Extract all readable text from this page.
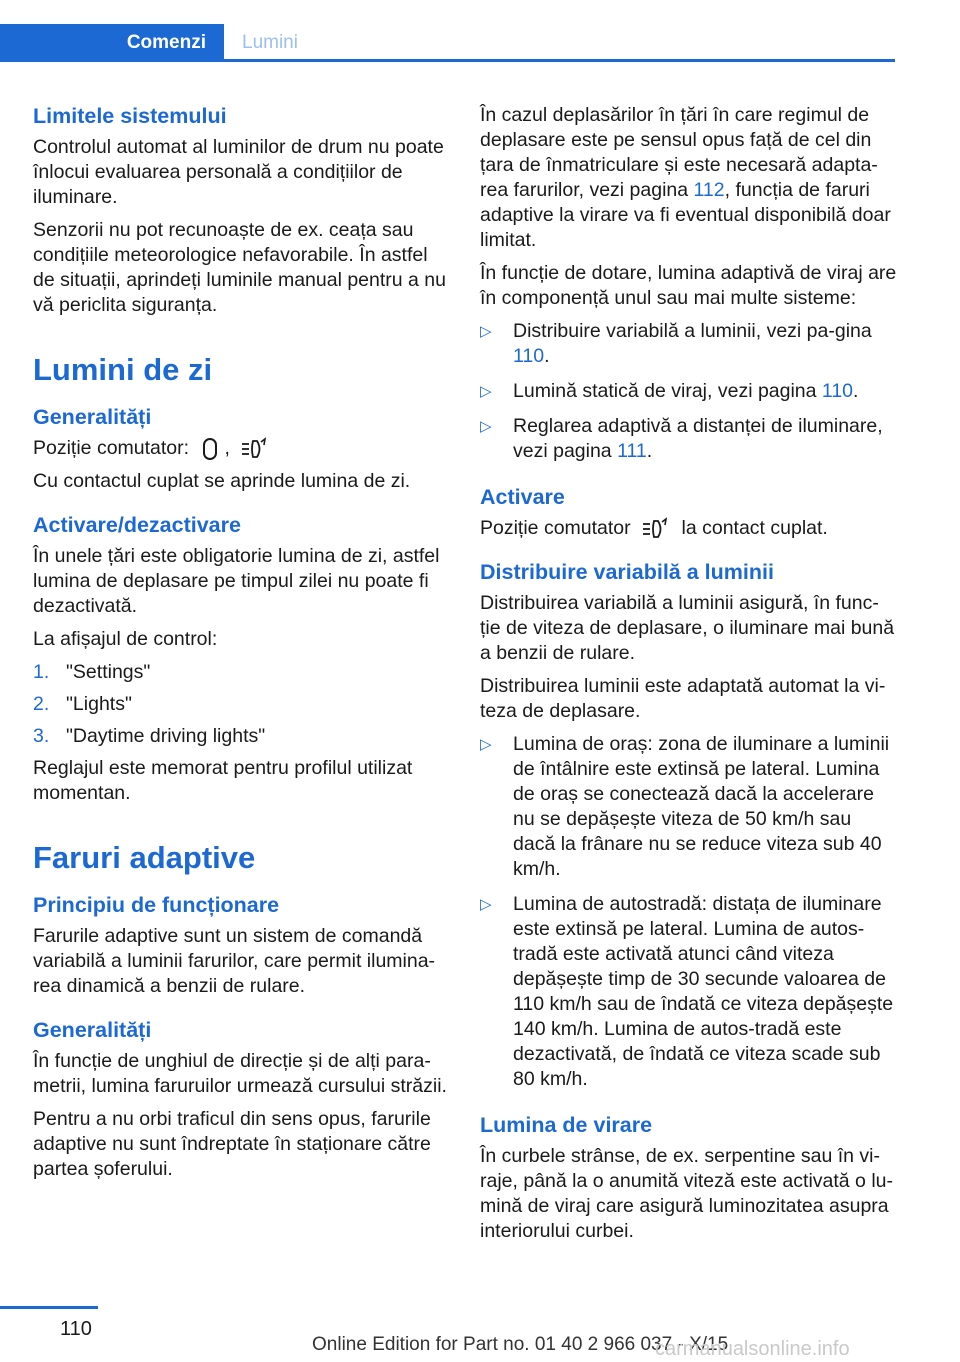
Comenzi Lumini
Limitele sistemului

Controlul automat al luminilor de drum nu poate înlocui evaluarea personală a condițiilor de iluminare.

Senzorii nu pot recunoaște de ex. ceața sau condițiile meteorologice nefavorabile. În astfel de situații, aprindeți luminile manual pentru a nu vă periclita siguranța.

Lumini de zi
Generalități

Poziție comutator: ,

Cu contactul cuplat se aprinde lumina de zi.

Activare/dezactivare

În unele țări este obligatorie lumina de zi, astfel lumina de deplasare pe timpul zilei nu poate fi dezactivată.

La afișajul de control:

1. "Settings"
2. "Lights"
3. "Daytime driving lights"

Reglajul este memorat pentru profilul utilizat momentan.

Faruri adaptive
Principiu de funcționare

Farurile adaptive sunt un sistem de comandă variabilă a luminii farurilor, care permit ilumina‐rea dinamică a benzii de rulare.

Generalități

În funcție de unghiul de direcție și de alți para‐metrii, lumina faruruilor urmează cursului străzii.

Pentru a nu orbi traficul din sens opus, farurile adaptive nu sunt îndreptate în staționare către partea șoferului.

În cazul deplasărilor în țări în care regimul de deplasare este pe sensul opus față de cel din țara de înmatriculare și este necesară adapta‐rea farurilor, vezi pagina 112, funcția de faruri adaptive la virare va fi eventual disponibilă doar limitat.

În funcție de dotare, lumina adaptivă de viraj are în componență unul sau mai multe sisteme:

▷	Distribuire variabilă a luminii, vezi pa‐gina 110.
▷	Lumină statică de viraj, vezi pagina 110.
▷	Reglarea adaptivă a distanței de iluminare, vezi pagina 111.
Activare

Poziție comutator	la contact cuplat.

Distribuire variabilă a luminii

Distribuirea variabilă a luminii asigură, în func‐ție de viteza de deplasare, o iluminare mai bună a benzii de rulare.

Distribuirea luminii este adaptată automat la vi‐teza de deplasare.

▷	Lumina de oraș: zona de iluminare a luminii de întâlnire este extinsă pe lateral. Lumina de oraș se conectează dacă la accelerare nu se depășește viteza de 50 km/h sau dacă la frânare nu se reduce viteza sub 40 km/h.
▷	Lumina de autostradă: distața de iluminare este extinsă pe lateral. Lumina de autos‐tradă este activată atunci când viteza depășește timp de 30 secunde valoarea de 110 km/h sau de îndată ce viteza depășește 140 km/h. Lumina de autos‐tradă este dezactivată, de îndată ce viteza scade sub 80 km/h.
Lumina de virare

În curbele strânse, de ex. serpentine sau în vi‐raje, până la o anumită viteză este activată o lu‐mină de viraj care asigură luminozitatea asupra interiorului curbei.

110
Online Edition for Part no. 01 40 2 966 037 - X/15
carmanualsonline.info
